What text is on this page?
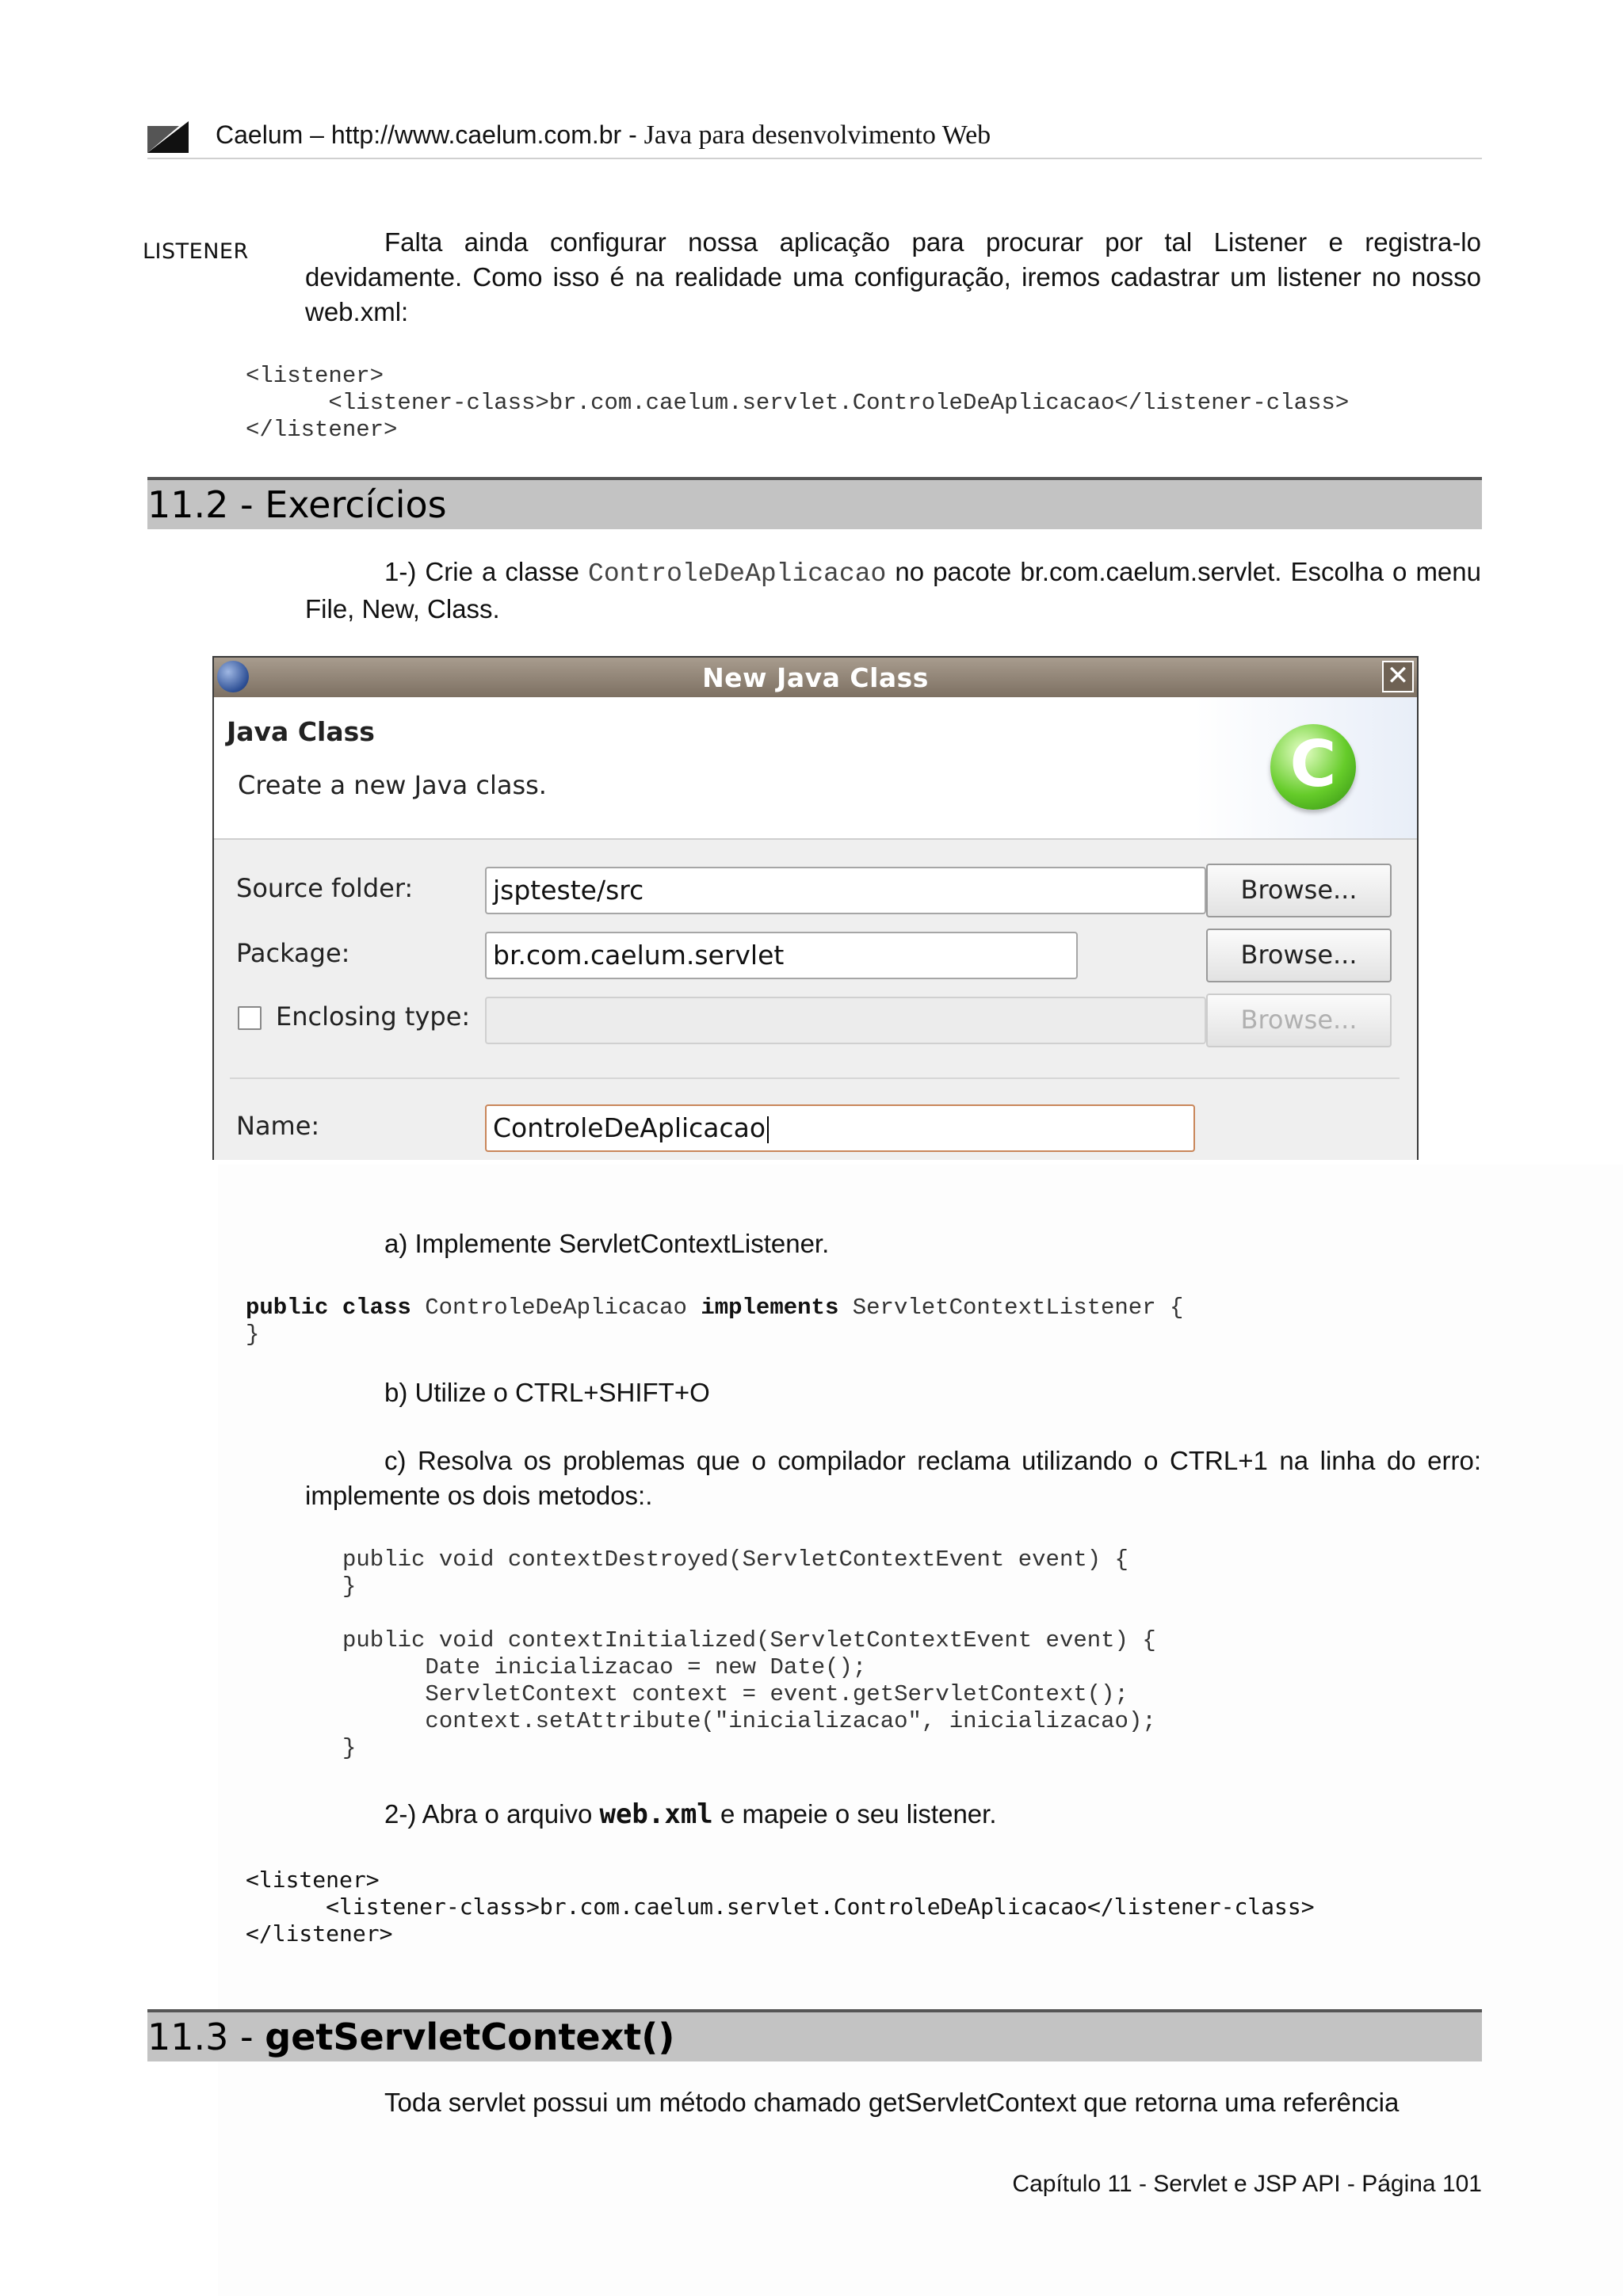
Caelum – http://www.caelum.com.br - Java para desenvolvimento Web
LISTENER	Falta ainda configurar nossa aplicação para procurar por tal Listener e registra-lo devidamente. Como isso é na realidade uma configuração, iremos cadastrar um listener no nosso web.xml:
<listener>
<listener-class>br.com.caelum.servlet.ControleDeAplicacao</listener-class>
</listener>
11.2 - Exercícios
1-) Crie a classe ControleDeAplicacao no pacote br.com.caelum.servlet. Escolha o menu File, New, Class.
New Java Class	✕
Java Class
Create a new Java class.	C
Source folder:	jspteste/src	Browse...
Package:	br.com.caelum.servlet	Browse...
Enclosing type:	Browse...
Name:	ControleDeAplicacao
a) Implemente ServletContextListener.
public class ControleDeAplicacao implements ServletContextListener {
}
b) Utilize o CTRL+SHIFT+O
c) Resolva os problemas que o compilador reclama utilizando o CTRL+1 na linha do erro: implemente os dois metodos:.
public void contextDestroyed(ServletContextEvent event) {
}

public void contextInitialized(ServletContextEvent event) {
Date inicializacao = new Date();
ServletContext context = event.getServletContext();
context.setAttribute("inicializacao", inicializacao);
}
2-) Abra o arquivo web.xml e mapeie o seu listener.
<listener>
<listener-class>br.com.caelum.servlet.ControleDeAplicacao</listener-class>
</listener>
11.3 - getServletContext()
Toda servlet possui um método chamado getServletContext que retorna uma referência
Capítulo 11 - Servlet e JSP API - Página 101
